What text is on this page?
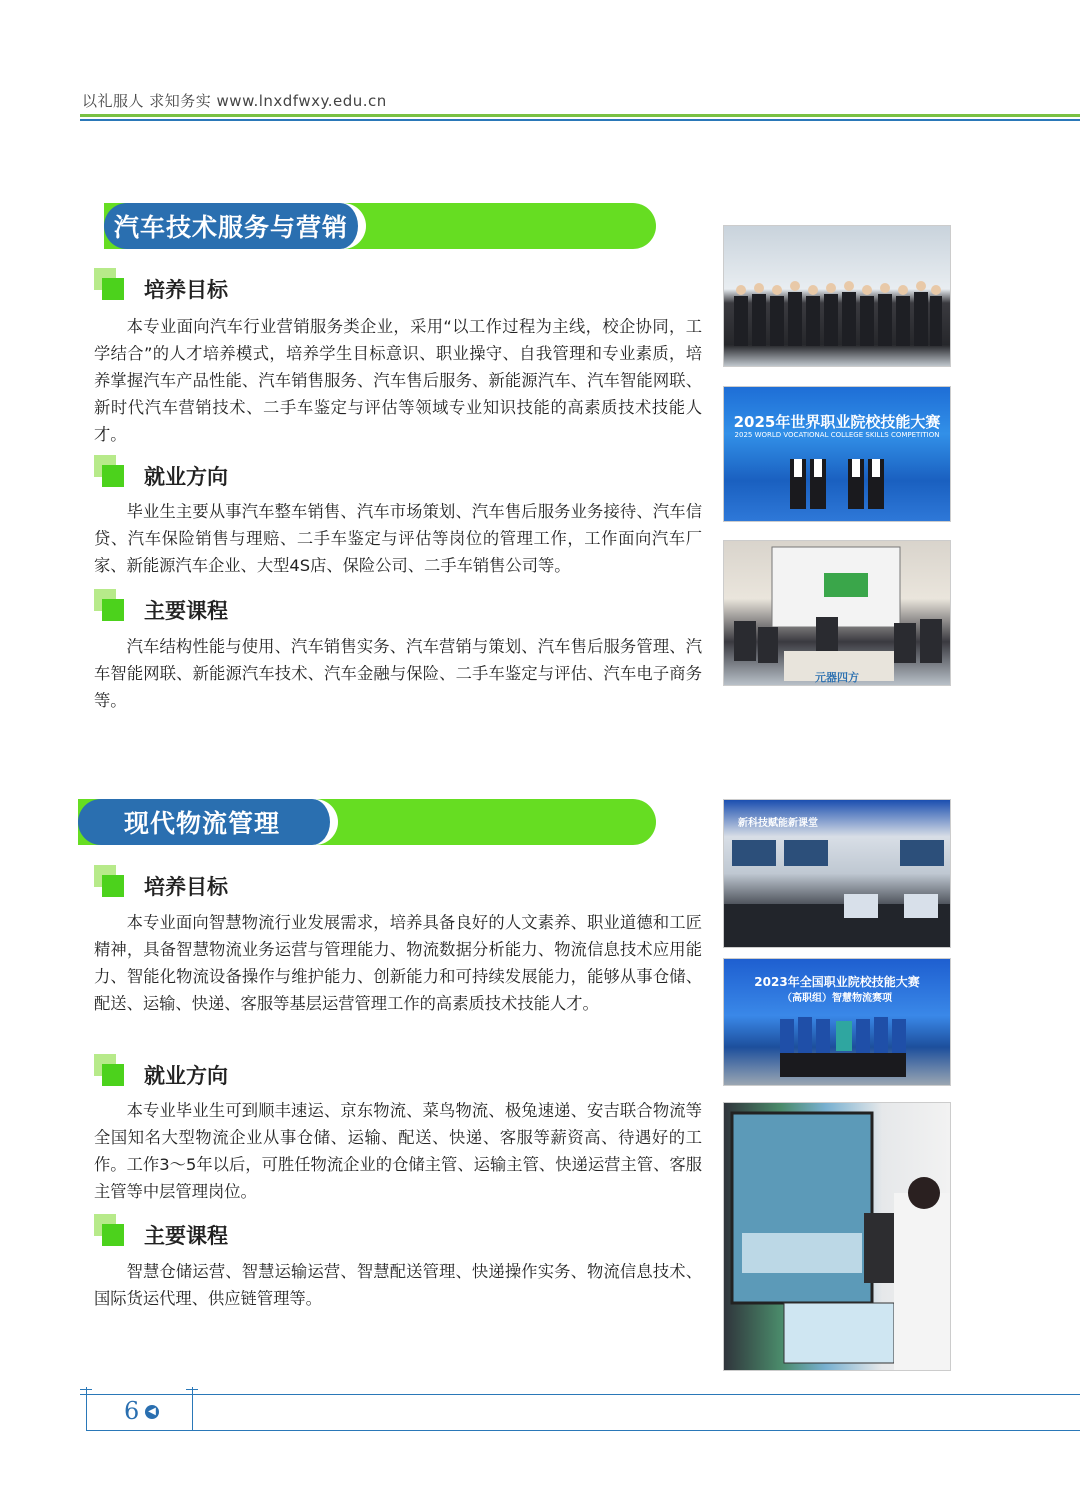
以礼服人 求知务实 www.lnxdfwxy.edu.cn
汽车技术服务与营销
培养目标
本专业面向汽车行业营销服务类企业，采用“以工作过程为主线，校企协同，工学结合”的人才培养模式，培养学生目标意识、职业操守、自我管理和专业素质，培养掌握汽车产品性能、汽车销售服务、汽车售后服务、新能源汽车、汽车智能网联、新时代汽车营销技术、二手车鉴定与评估等领域专业知识技能的高素质技术技能人才。
就业方向
毕业生主要从事汽车整车销售、汽车市场策划、汽车售后服务业务接待、汽车信贷、汽车保险销售与理赔、二手车鉴定与评估等岗位的管理工作，工作面向汽车厂家、新能源汽车企业、大型4S店、保险公司、二手车销售公司等。
主要课程
汽车结构性能与使用、汽车销售实务、汽车营销与策划、汽车售后服务管理、汽车智能网联、新能源汽车技术、汽车金融与保险、二手车鉴定与评估、汽车电子商务等。
2025年世界职业院校技能大赛
2025 WORLD VOCATIONAL COLLEGE SKILLS COMPETITION
元器四方
现代物流管理
培养目标
本专业面向智慧物流行业发展需求，培养具备良好的人文素养、职业道德和工匠精神，具备智慧物流业务运营与管理能力、物流数据分析能力、物流信息技术应用能力、智能化物流设备操作与维护能力、创新能力和可持续发展能力，能够从事仓储、配送、运输、快递、客服等基层运营管理工作的高素质技术技能人才。
就业方向
本专业毕业生可到顺丰速运、京东物流、菜鸟物流、极兔速递、安吉联合物流等全国知名大型物流企业从事仓储、运输、配送、快递、客服等薪资高、待遇好的工作。工作3～5年以后，可胜任物流企业的仓储主管、运输主管、快递运营主管、客服主管等中层管理岗位。
主要课程
智慧仓储运营、智慧运输运营、智慧配送管理、快递操作实务、物流信息技术、国际货运代理、供应链管理等。
新科技赋能新课堂
2023年全国职业院校技能大赛
（高职组）智慧物流赛项
6 ◀
